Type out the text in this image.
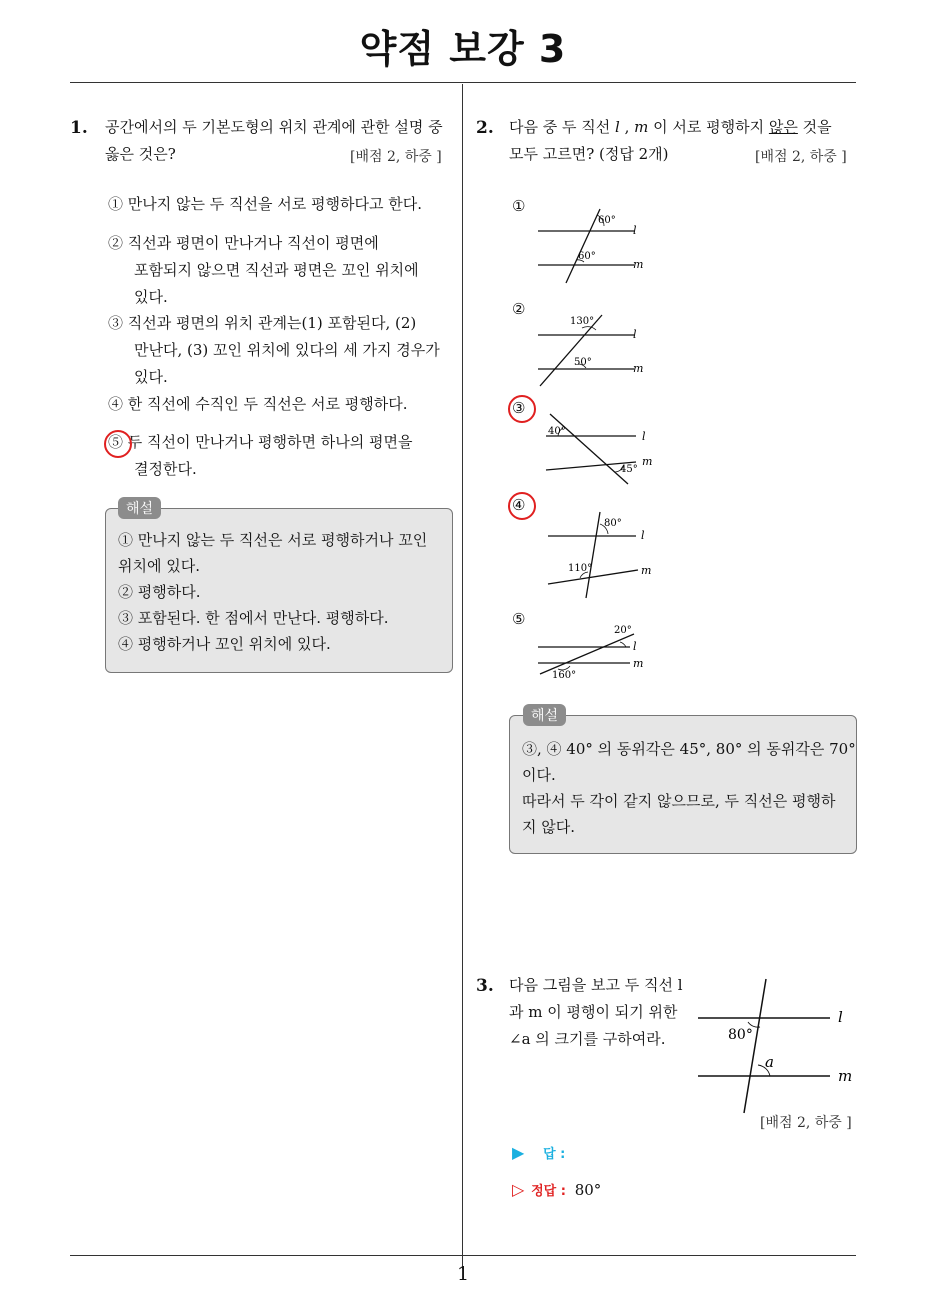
약점 보강 3
1. 공간에서의 두 기본도형의 위치 관계에 관한 설명 중
옳은 것은?	[배점 2, 하중 ]
① 만나지 않는 두 직선을 서로 평행하다고 한다.
② 직선과 평면이 만나거나 직선이 평면에
포함되지 않으면 직선과 평면은 꼬인 위치에
있다.
③ 직선과 평면의 위치 관계는(1) 포함된다, (2)
만난다, (3) 꼬인 위치에 있다의 세 가지 경우가
있다.
④ 한 직선에 수직인 두 직선은 서로 평행하다.
⑤ 두 직선이 만나거나 평행하면 하나의 평면을
결정한다.
① 만나지 않는 두 직선은 서로 평행하거나 꼬인
위치에 있다.
② 평행하다.
③ 포함된다. 한 점에서 만난다. 평행하다.
④ 평행하거나 꼬인 위치에 있다.
해설
2. 다음 중 두 직선 l , m 이 서로 평행하지 않은 것을
모두 고르면? (정답 2개)	[배점 2, 하중 ]
①
60°
60°
l
m
②
130°
50°
l
m
③
40°
45°
l
m
④
80°
110°
l
m
⑤
20°
160°
l
m
③, ④ 40° 의 동위각은 45°, 80° 의 동위각은 70°
이다.
따라서 두 각이 같지 않으므로, 두 직선은 평행하
지 않다.
해설
3. 다음 그림을 보고 두 직선 l
과 m 이 평행이 되기 위한
∠a 의 크기를 구하여라.	80°
a
l
m
[배점 2, 하중 ]
▶ 답 :
▷ 정답 : 80°
1
